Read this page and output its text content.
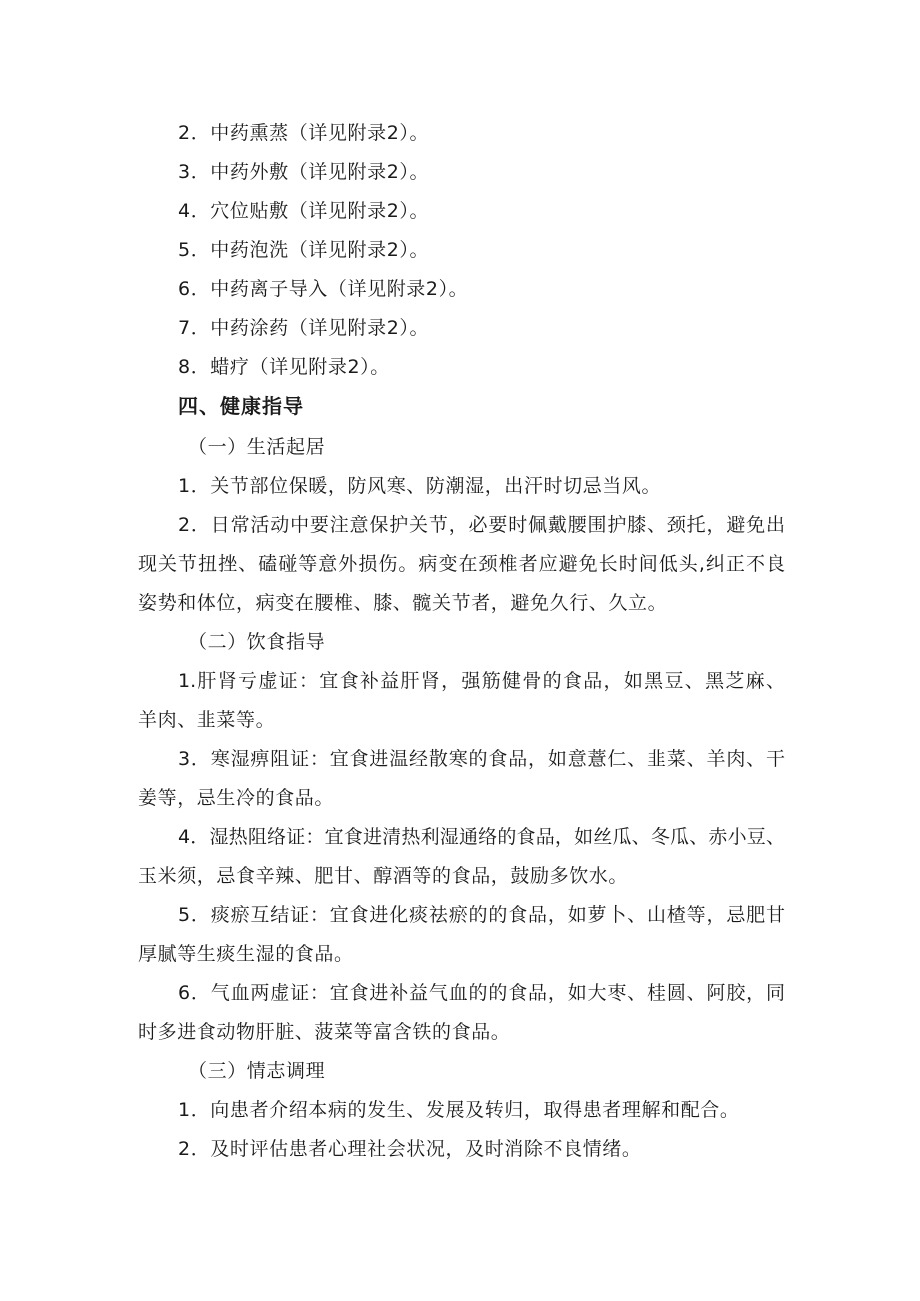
2．中药熏蒸（详见附录2）。
3．中药外敷（详见附录2）。
4．穴位贴敷（详见附录2）。
5．中药泡洗（详见附录2）。
6．中药离子导入（详见附录2）。
7．中药涂药（详见附录2）。
8．蜡疗（详见附录2）。
四、健康指导
（一）生活起居
1．关节部位保暖，防风寒、防潮湿，出汗时切忌当风。
2．日常活动中要注意保护关节，必要时佩戴腰围护膝、颈托，避免出
现关节扭挫、磕碰等意外损伤。病变在颈椎者应避免长时间低头,纠正不良
姿势和体位，病变在腰椎、膝、髋关节者，避免久行、久立。
（二）饮食指导
1.肝肾亏虚证：宜食补益肝肾，强筋健骨的食品，如黑豆、黑芝麻、
羊肉、韭菜等。
3．寒湿痹阻证：宜食进温经散寒的食品，如意薏仁、韭菜、羊肉、干
姜等，忌生冷的食品。
4．湿热阻络证：宜食进清热利湿通络的食品，如丝瓜、冬瓜、赤小豆、
玉米须，忌食辛辣、肥甘、醇酒等的食品，鼓励多饮水。
5．痰瘀互结证：宜食进化痰祛瘀的的食品，如萝卜、山楂等，忌肥甘
厚腻等生痰生湿的食品。
6．气血两虚证：宜食进补益气血的的食品，如大枣、桂圆、阿胶，同
时多进食动物肝脏、菠菜等富含铁的食品。
（三）情志调理
1．向患者介绍本病的发生、发展及转归，取得患者理解和配合。
2．及时评估患者心理社会状况，及时消除不良情绪。
